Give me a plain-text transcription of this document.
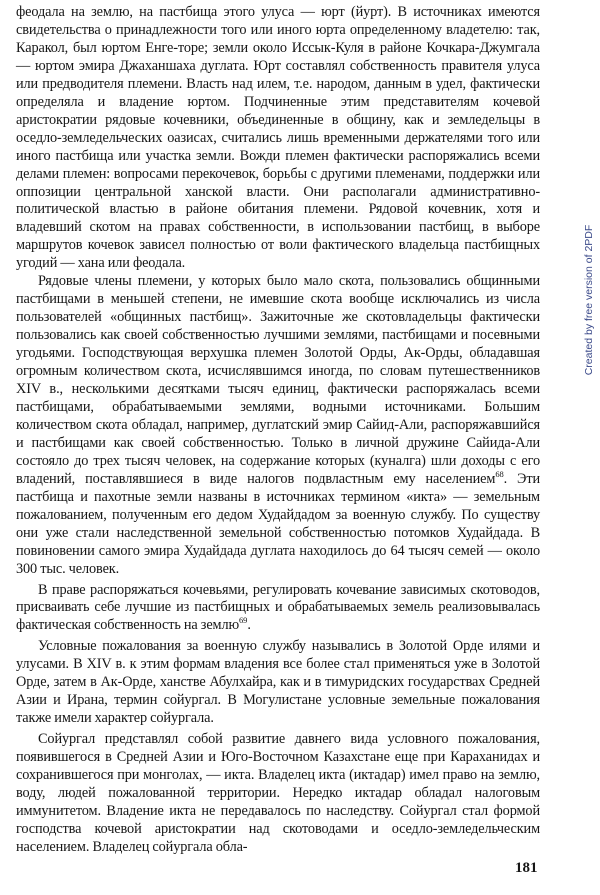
феодала на землю, на пастбища этого улуса — юрт (йурт). В источниках имеются свидетельства о принадлежности того или иного юрта определенному владетелю: так, Каракол, был юртом Енге-торе; земли около Иссык-Куля в районе Кочкара-Джумгала — юртом эмира Джаханшаха дуглата. Юрт составлял собственность правителя улуса или предводителя племени. Власть над илем, т.е. народом, данным в удел, фактически определяла и владение юртом. Подчиненные этим представителям кочевой аристократии рядовые кочевники, объединенные в общину, как и земледельцы в оседло-земледельческих оазисах, считались лишь временными держателями того или иного пастбища или участка земли. Вожди племен фактически распоряжались всеми делами племен: вопросами перекочевок, борьбы с другими племенами, поддержки или оппозиции центральной ханской власти. Они располагали административно-политической властью в районе обитания племени. Рядовой кочевник, хотя и владевший скотом на правах собственности, в использовании пастбищ, в выборе маршрутов кочевок зависел полностью от воли фактического владельца пастбищных угодий — хана или феодала.

Рядовые члены племени, у которых было мало скота, пользовались общинными пастбищами в меньшей степени, не имевшие скота вообще исключались из числа пользователей «общинных пастбищ». Зажиточные же скотовладельцы фактически пользовались как своей собственностью лучшими землями, пастбищами и посевными угодьями. Господствующая верхушка племен Золотой Орды, Ак-Орды, обладавшая огромным количеством скота, исчислявшимся иногда, по словам путешественников XIV в., несколькими десятками тысяч единиц, фактически распоряжалась всеми пастбищами, обрабатываемыми землями, водными источниками. Большим количеством скота обладал, например, дуглатский эмир Сайид-Али, распоряжавшийся и пастбищами как своей собственностью. Только в личной дружине Сайида-Али состояло до трех тысяч человек, на содержание которых (куналга) шли доходы с его владений, поставлявшиеся в виде налогов подвластным ему населением$^{68}$. Эти пастбища и пахотные земли названы в источниках термином «икта» — земельным пожалованием, полученным его дедом Худайдадом за военную службу. По существу они уже стали наследственной земельной собственностью потомков Худайдада. В повиновении самого эмира Худайдада дуглата находилось до 64 тысяч семей — около 300 тыс. человек.

В праве распоряжаться кочевьями, регулировать кочевание зависимых скотоводов, присваивать себе лучшие из пастбищных и обрабатываемых земель реализовывалась фактическая собственность на землю$^{69}$.

Условные пожалования за военную службу назывались в Золотой Орде илями и улусами. В XIV в. к этим формам владения все более стал применяться уже в Золотой Орде, затем в Ак-Орде, ханстве Абулхайра, как и в тимуридских государствах Средней Азии и Ирана, термин сойургал. В Могулистане условные земельные пожалования также имели характер сойургала.

Сойургал представлял собой развитие давнего вида условного пожалования, появившегося в Средней Азии и Юго-Восточном Казахстане еще при Караханидах и сохранившегося при монголах, — икта. Владелец икта (иктадар) имел право на землю, воду, людей пожалованной территории. Нередко иктадар обладал налоговым иммунитетом. Владение икта не передавалось по наследству. Сойургал стал формой господства кочевой аристократии над скотоводами и оседло-земледельческим населением. Владелец сойургала обла-

181
Created by free version of 2PDF
